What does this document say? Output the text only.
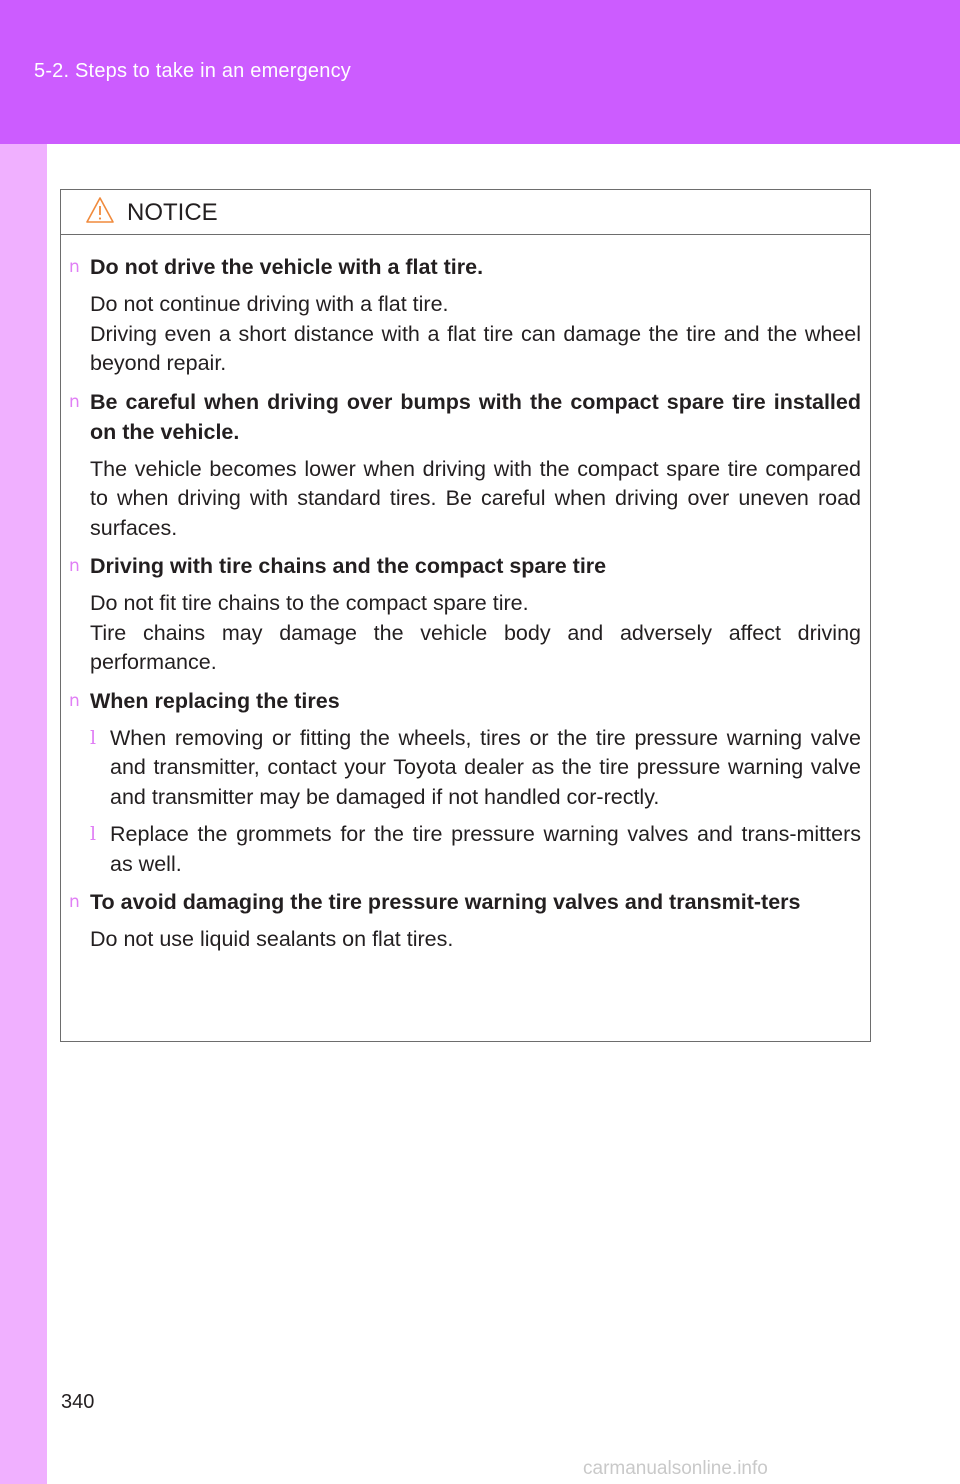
5-2. Steps to take in an emergency
NOTICE
n Do not drive the vehicle with a flat tire.
Do not continue driving with a flat tire.
Driving even a short distance with a flat tire can damage the tire and the wheel beyond repair.
n Be careful when driving over bumps with the compact spare tire installed on the vehicle.
The vehicle becomes lower when driving with the compact spare tire compared to when driving with standard tires. Be careful when driving over uneven road surfaces.
n Driving with tire chains and the compact spare tire
Do not fit tire chains to the compact spare tire.
Tire chains may damage the vehicle body and adversely affect driving performance.
n When replacing the tires
l When removing or fitting the wheels, tires or the tire pressure warning valve and transmitter, contact your Toyota dealer as the tire pressure warning valve and transmitter may be damaged if not handled cor-rectly.
l Replace the grommets for the tire pressure warning valves and trans-mitters as well.
n To avoid damaging the tire pressure warning valves and transmit-ters
Do not use liquid sealants on flat tires.
340
carmanualsonline.info
